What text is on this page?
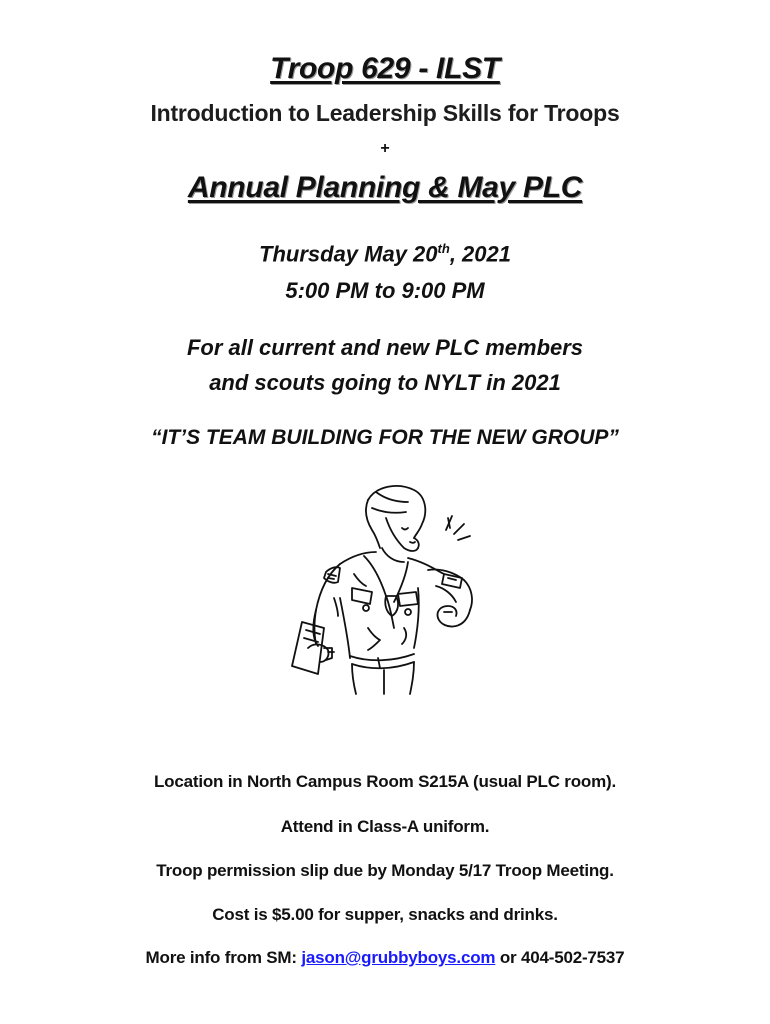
Troop 629 - ILST
Introduction to Leadership Skills for Troops
+
Annual Planning & May PLC
Thursday May 20th, 2021
5:00 PM to 9:00 PM
For all current and new PLC members
and scouts going to NYLT in 2021
“IT’S TEAM BUILDING FOR THE NEW GROUP”
Location in North Campus Room S215A (usual PLC room).
Attend in Class-A uniform.
Troop permission slip due by Monday 5/17 Troop Meeting.
Cost is $5.00 for supper, snacks and drinks.
More info from SM: jason@grubbyboys.com or 404-502-7537
